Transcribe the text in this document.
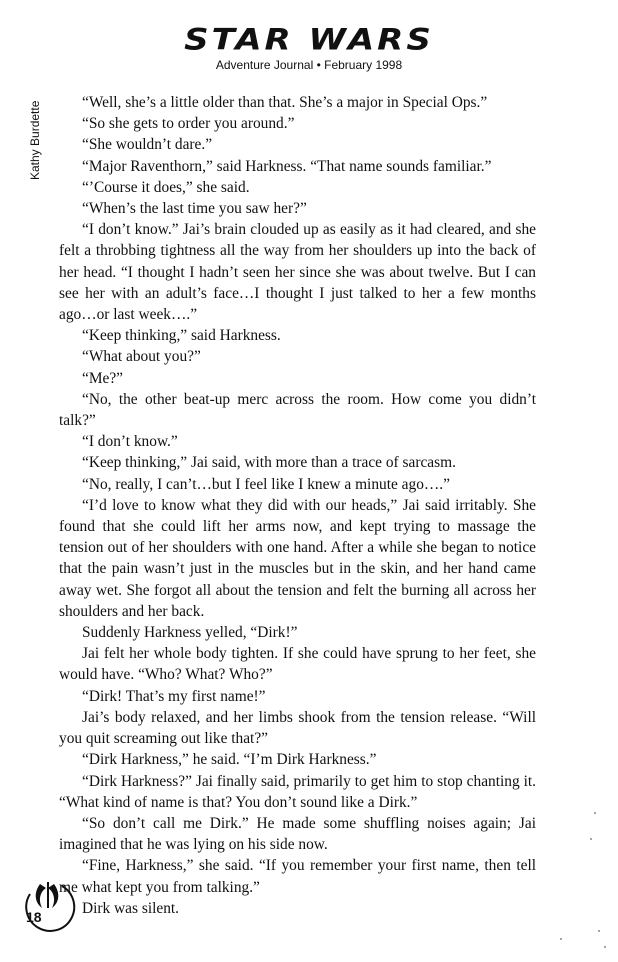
STAR WARS
Adventure Journal • February 1998
Kathy Burdette	“Well, she’s a little older than that. She’s a major in Special Ops.”

“So she gets to order you around.”

“She wouldn’t dare.”

“Major Raventhorn,” said Harkness. “That name sounds familiar.”

“’Course it does,” she said.

“When’s the last time you saw her?”

“I don’t know.” Jai’s brain clouded up as easily as it had cleared, and she felt a throbbing tightness all the way from her shoulders up into the back of her head. “I thought I hadn’t seen her since she was about twelve. But I can see her with an adult’s face…I thought I just talked to her a few months ago…or last week….”

“Keep thinking,” said Harkness.

“What about you?”

“Me?”

“No, the other beat-up merc across the room. How come you didn’t talk?”

“I don’t know.”

“Keep thinking,” Jai said, with more than a trace of sarcasm.

“No, really, I can’t…but I feel like I knew a minute ago….”

“I’d love to know what they did with our heads,” Jai said irritably. She found that she could lift her arms now, and kept trying to massage the tension out of her shoulders with one hand. After a while she began to notice that the pain wasn’t just in the muscles but in the skin, and her hand came away wet. She forgot all about the tension and felt the burning all across her shoulders and her back.

Suddenly Harkness yelled, “Dirk!”

Jai felt her whole body tighten. If she could have sprung to her feet, she would have. “Who? What? Who?”

“Dirk! That’s my first name!”

Jai’s body relaxed, and her limbs shook from the tension release. “Will you quit screaming out like that?”

“Dirk Harkness,” he said. “I’m Dirk Harkness.”

“Dirk Harkness?” Jai finally said, primarily to get him to stop chanting it. “What kind of name is that? You don’t sound like a Dirk.”

“So don’t call me Dirk.” He made some shuffling noises again; Jai imagined that he was lying on his side now.

“Fine, Harkness,” she said. “If you remember your first name, then tell me what kept you from talking.”

Dirk was silent.

18
